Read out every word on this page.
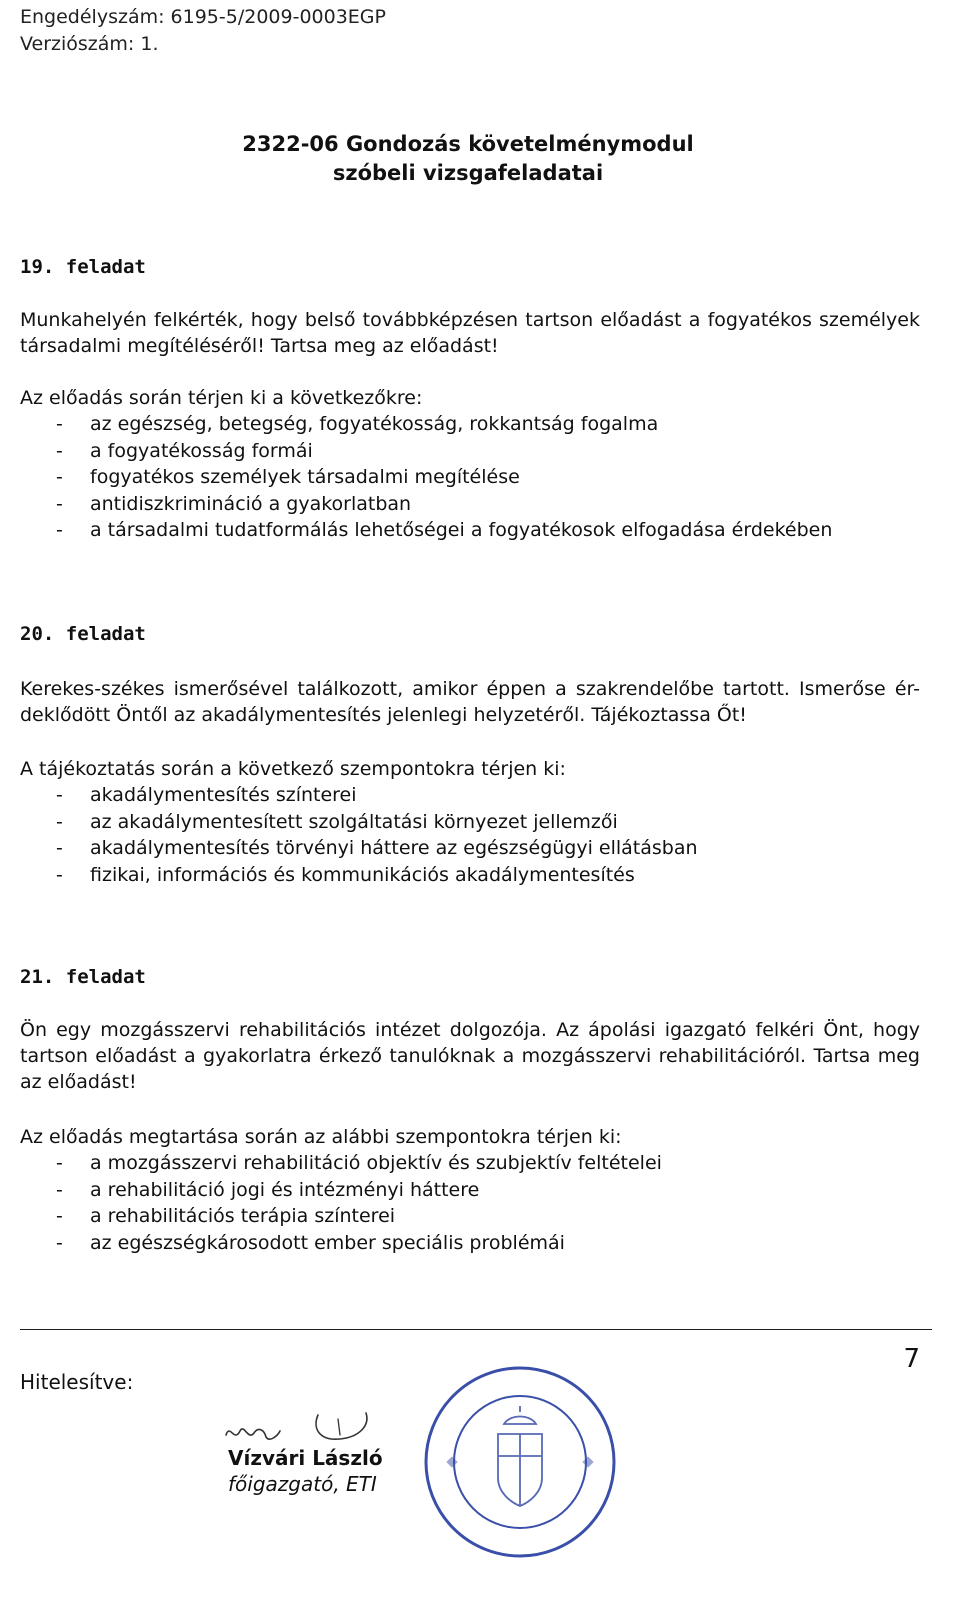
Engedélyszám: 6195-5/2009-0003EGP
Verziószám: 1.
2322-06 Gondozás követelménymodul
szóbeli vizsgafeladatai
19. feladat
Munkahelyén felkérték, hogy belső továbbképzésen tartson előadást a fogyatékos személyek társadalmi megítéléséről! Tartsa meg az előadást!
Az előadás során térjen ki a következőkre:
- az egészség, betegség, fogyatékosság, rokkantság fogalma
- a fogyatékosság formái
- fogyatékos személyek társadalmi megítélése
- antidiszkrimináció a gyakorlatban
- a társadalmi tudatformálás lehetőségei a fogyatékosok elfogadása érdekében
20. feladat
Kerekes-székes ismerősével találkozott, amikor éppen a szakrendelőbe tartott. Ismerőse ér-deklődött Öntől az akadálymentesítés jelenlegi helyzetéről. Tájékoztassa Őt!
A tájékoztatás során a következő szempontokra térjen ki:
- akadálymentesítés színterei
- az akadálymentesített szolgáltatási környezet jellemzői
- akadálymentesítés törvényi háttere az egészségügyi ellátásban
- fizikai, információs és kommunikációs akadálymentesítés
21. feladat
Ön egy mozgásszervi rehabilitációs intézet dolgozója. Az ápolási igazgató felkéri Önt, hogy tartson előadást a gyakorlatra érkező tanulóknak a mozgásszervi rehabilitációról. Tartsa meg az előadást!
Az előadás megtartása során az alábbi szempontokra térjen ki:
- a mozgásszervi rehabilitáció objektív és szubjektív feltételei
- a rehabilitáció jogi és intézményi háttere
- a rehabilitációs terápia színterei
- az egészségkárosodott ember speciális problémái
7
Hitelesítve:
Vízvári László
főigazgató, ETI
